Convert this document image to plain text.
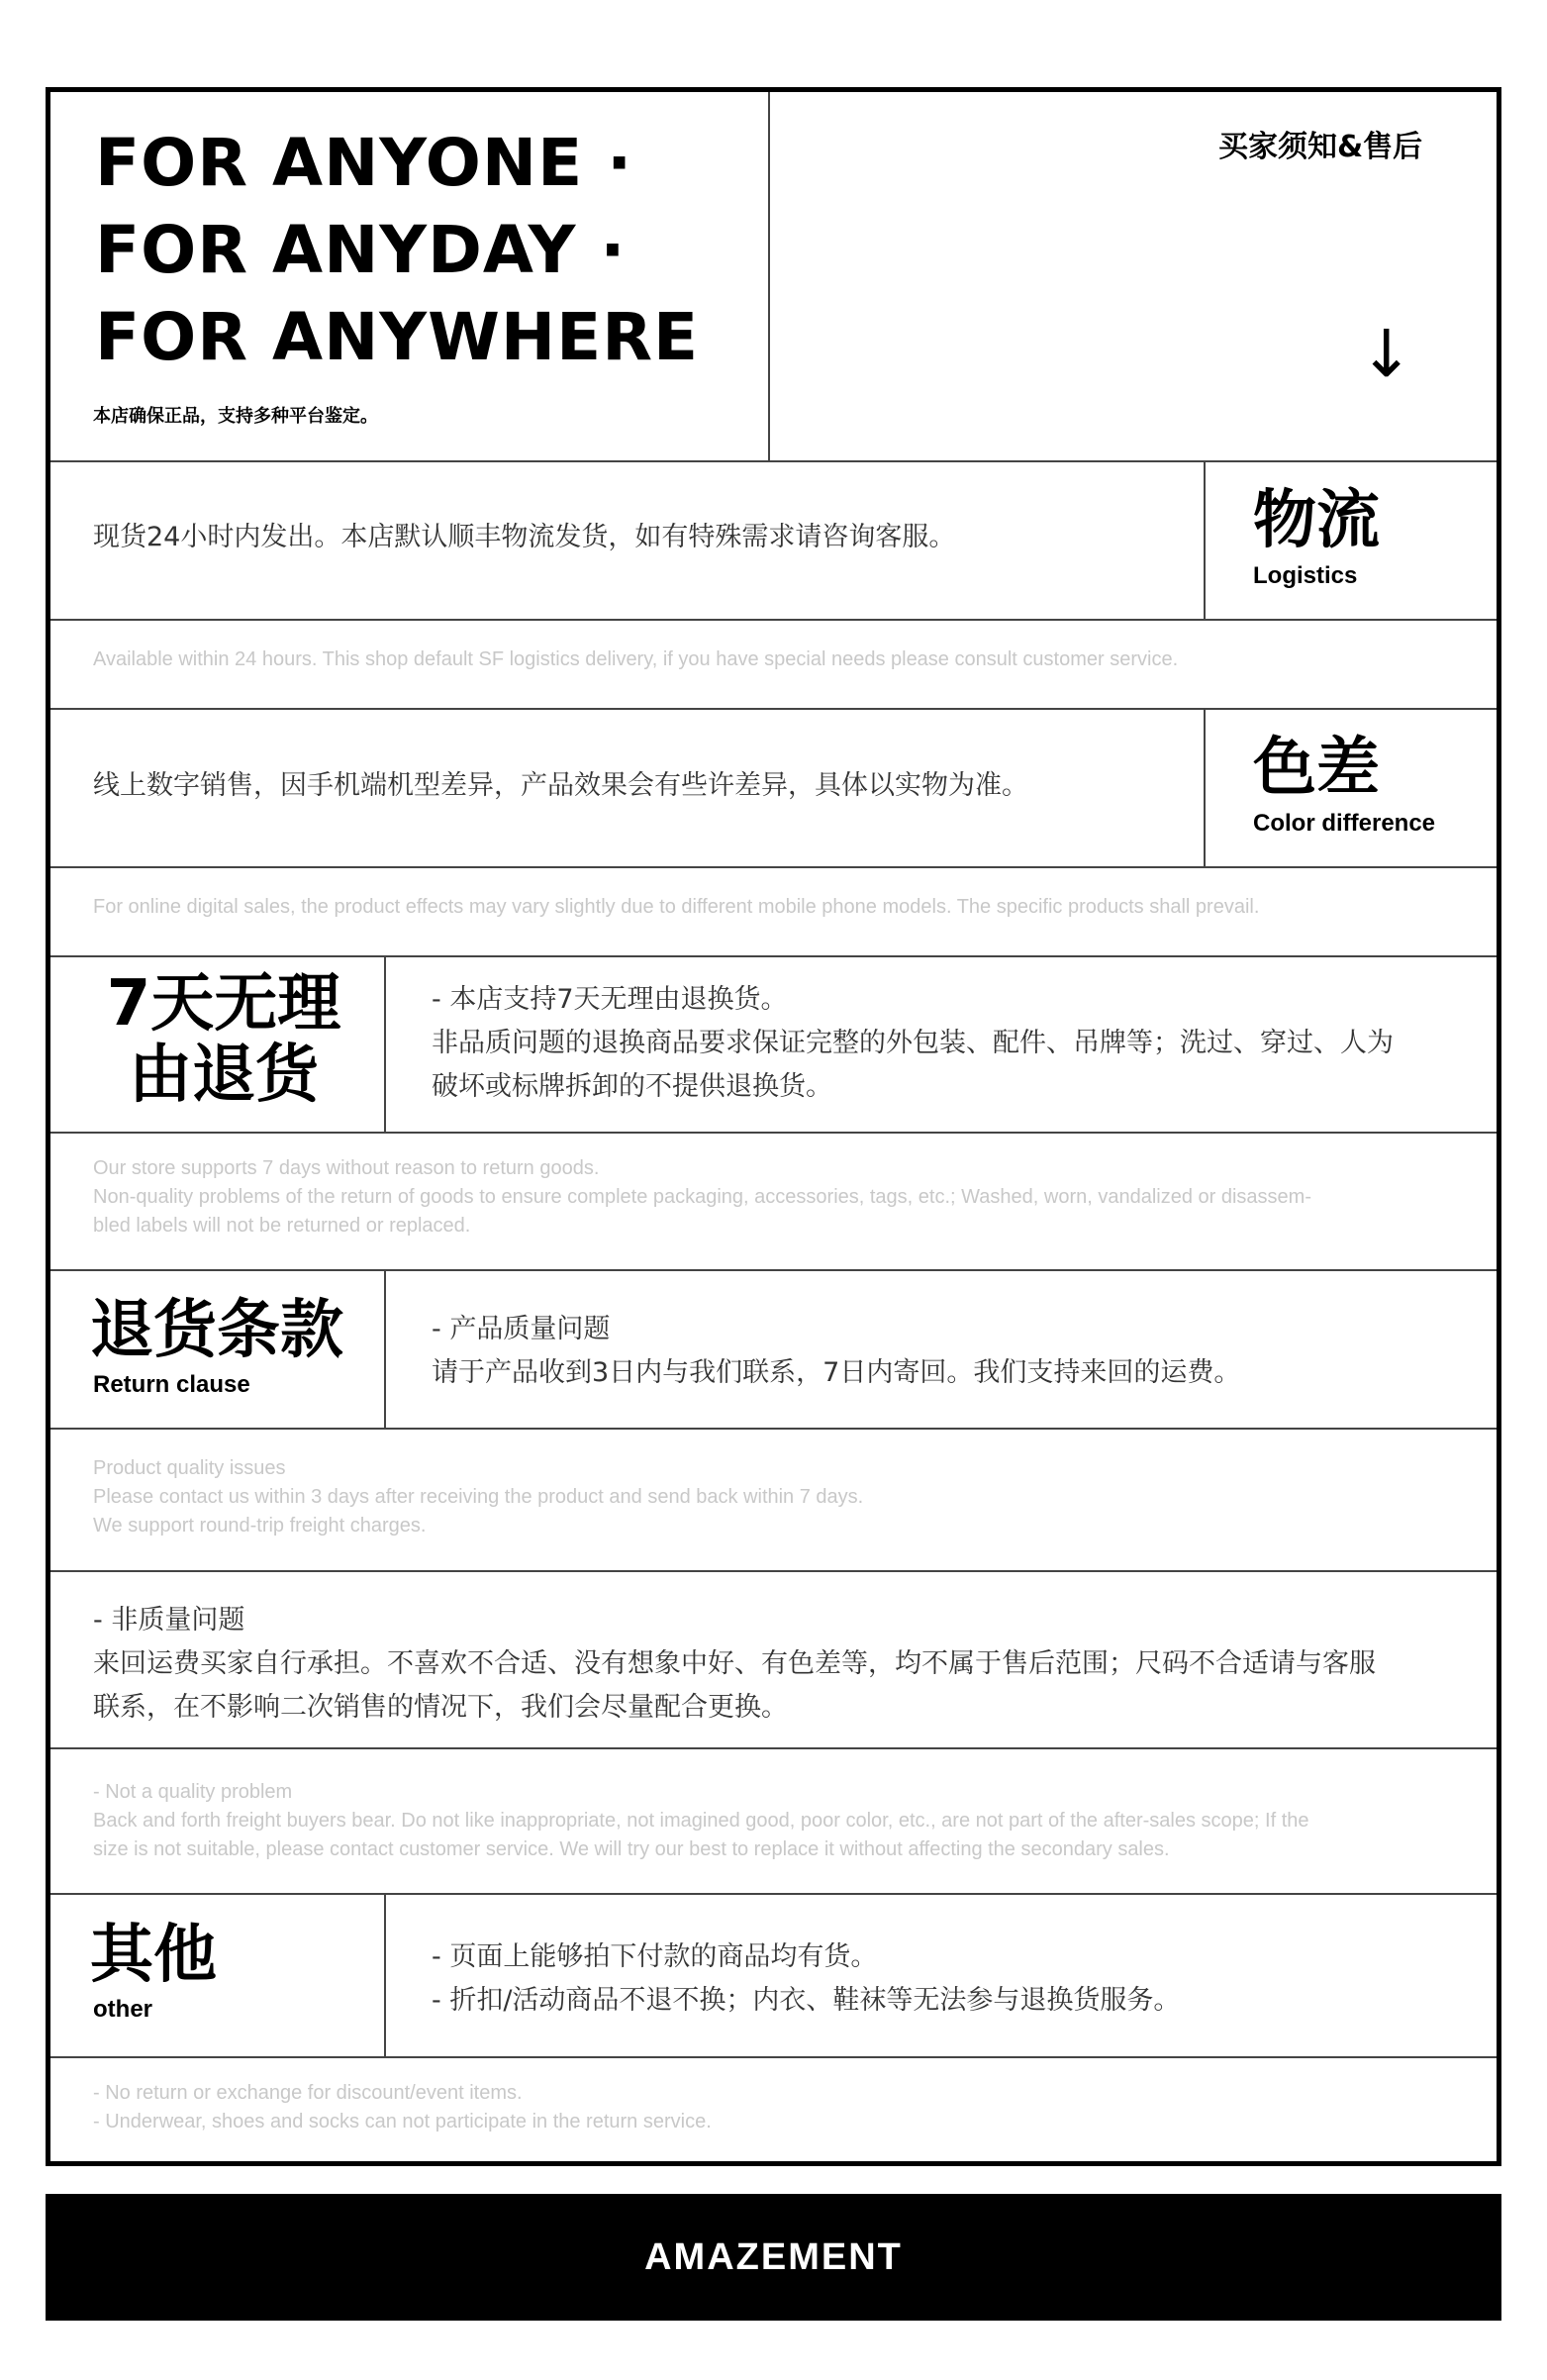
FOR ANYONE ·
FOR ANYDAY ·
FOR ANYWHERE
本店确保正品，支持多种平台鉴定。
买家须知&售后
↓
现货24小时内发出。本店默认顺丰物流发货，如有特殊需求请咨询客服。	物流
Logistics
Available within 24 hours. This shop default SF logistics delivery, if you have special needs please consult customer service.
线上数字销售，因手机端机型差异，产品效果会有些许差异，具体以实物为准。	色差
Color difference
For online digital sales, the product effects may vary slightly due to different mobile phone models. The specific products shall prevail.
7天无理
由退货
- 本店支持7天无理由退换货。
非品质问题的退换商品要求保证完整的外包装、配件、吊牌等；洗过、穿过、人为
破坏或标牌拆卸的不提供退换货。
Our store supports 7 days without reason to return goods.
Non-quality problems of the return of goods to ensure complete packaging, accessories, tags, etc.; Washed, worn, vandalized or disassem-
bled labels will not be returned or replaced.
退货条款
Return clause
- 产品质量问题
请于产品收到3日内与我们联系，7日内寄回。我们支持来回的运费。
Product quality issues
Please contact us within 3 days after receiving the product and send back within 7 days.
We support round-trip freight charges.
- 非质量问题
来回运费买家自行承担。不喜欢不合适、没有想象中好、有色差等，均不属于售后范围；尺码不合适请与客服
联系，在不影响二次销售的情况下，我们会尽量配合更换。
- Not a quality problem
Back and forth freight buyers bear. Do not like inappropriate, not imagined good, poor color, etc., are not part of the after-sales scope; If the
size is not suitable, please contact customer service. We will try our best to replace it without affecting the secondary sales.
其他
other
- 页面上能够拍下付款的商品均有货。
- 折扣/活动商品不退不换；内衣、鞋袜等无法参与退换货服务。
- No return or exchange for discount/event items.
- Underwear, shoes and socks can not participate in the return service.
AMAZEMENT
